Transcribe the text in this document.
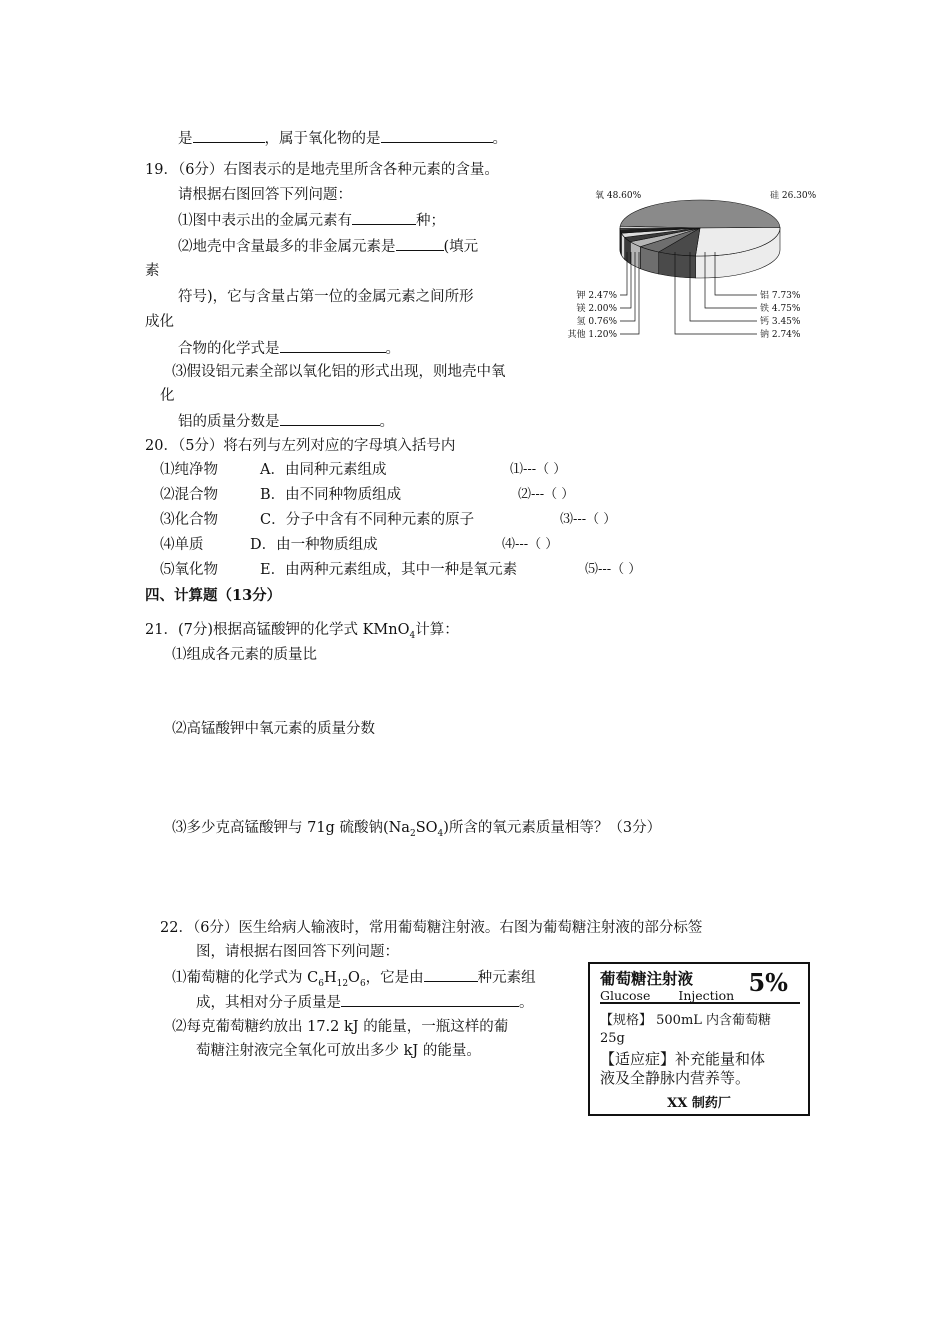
是	，属于氧化物的是	。
19．（6分）右图表示的是地壳里所含各种元素的含量。
请根据右图回答下列问题：
⑴图中表示出的金属元素有	种；
⑵地壳中含量最多的非金属元素是	(填元
素
符号)，它与含量占第一位的金属元素之间所形
成化
合物的化学式是	。
⑶假设铝元素全部以氧化铝的形式出现，则地壳中氧
化
铝的质量分数是	。
氧 48.60%	硅 26.30%
铝 7.73%
铁 4.75%
钙 3.45%
钠 2.74%
钾 2.47%
镁 2.00%
氢 0.76%
其他 1.20%
20．（5分）将右列与左列对应的字母填入括号内
⑴纯净物	A．由同种元素组成	⑴---（ ）
⑵混合物	B．由不同种物质组成	⑵---（ ）
⑶化合物	C．分子中含有不同种元素的原子	⑶---（ ）
⑷单质	D．由一种物质组成	⑷---（ ）
⑸氧化物	E．由两种元素组成，其中一种是氧元素	⑸---（ ）
四、计算题（13分）
21．(7分)根据高锰酸钾的化学式 KMnO$_4$计算：
⑴组成各元素的质量比
⑵高锰酸钾中氧元素的质量分数
⑶多少克高锰酸钾与 71g 硫酸钠$(Na_2SO_4)$所含的氧元素质量相等？（3分）
22．（6分）医生给病人输液时，常用葡萄糖注射液。右图为葡萄糖注射液的部分标签
图，请根据右图回答下列问题：
⑴葡萄糖的化学式为 $C_6H_{12}O_6$，它是由	种元素组
成，其相对分子质量是	。
⑵每克葡萄糖约放出 17.2 kJ 的能量，一瓶这样的葡
萄糖注射液完全氧化可放出多少 kJ 的能量。
葡萄糖注射液 5%
Glucose Injection
【规格】 500mL 内含葡萄糖
25g
【适应症】补充能量和体
液及全静脉内营养等。
XX 制药厂
